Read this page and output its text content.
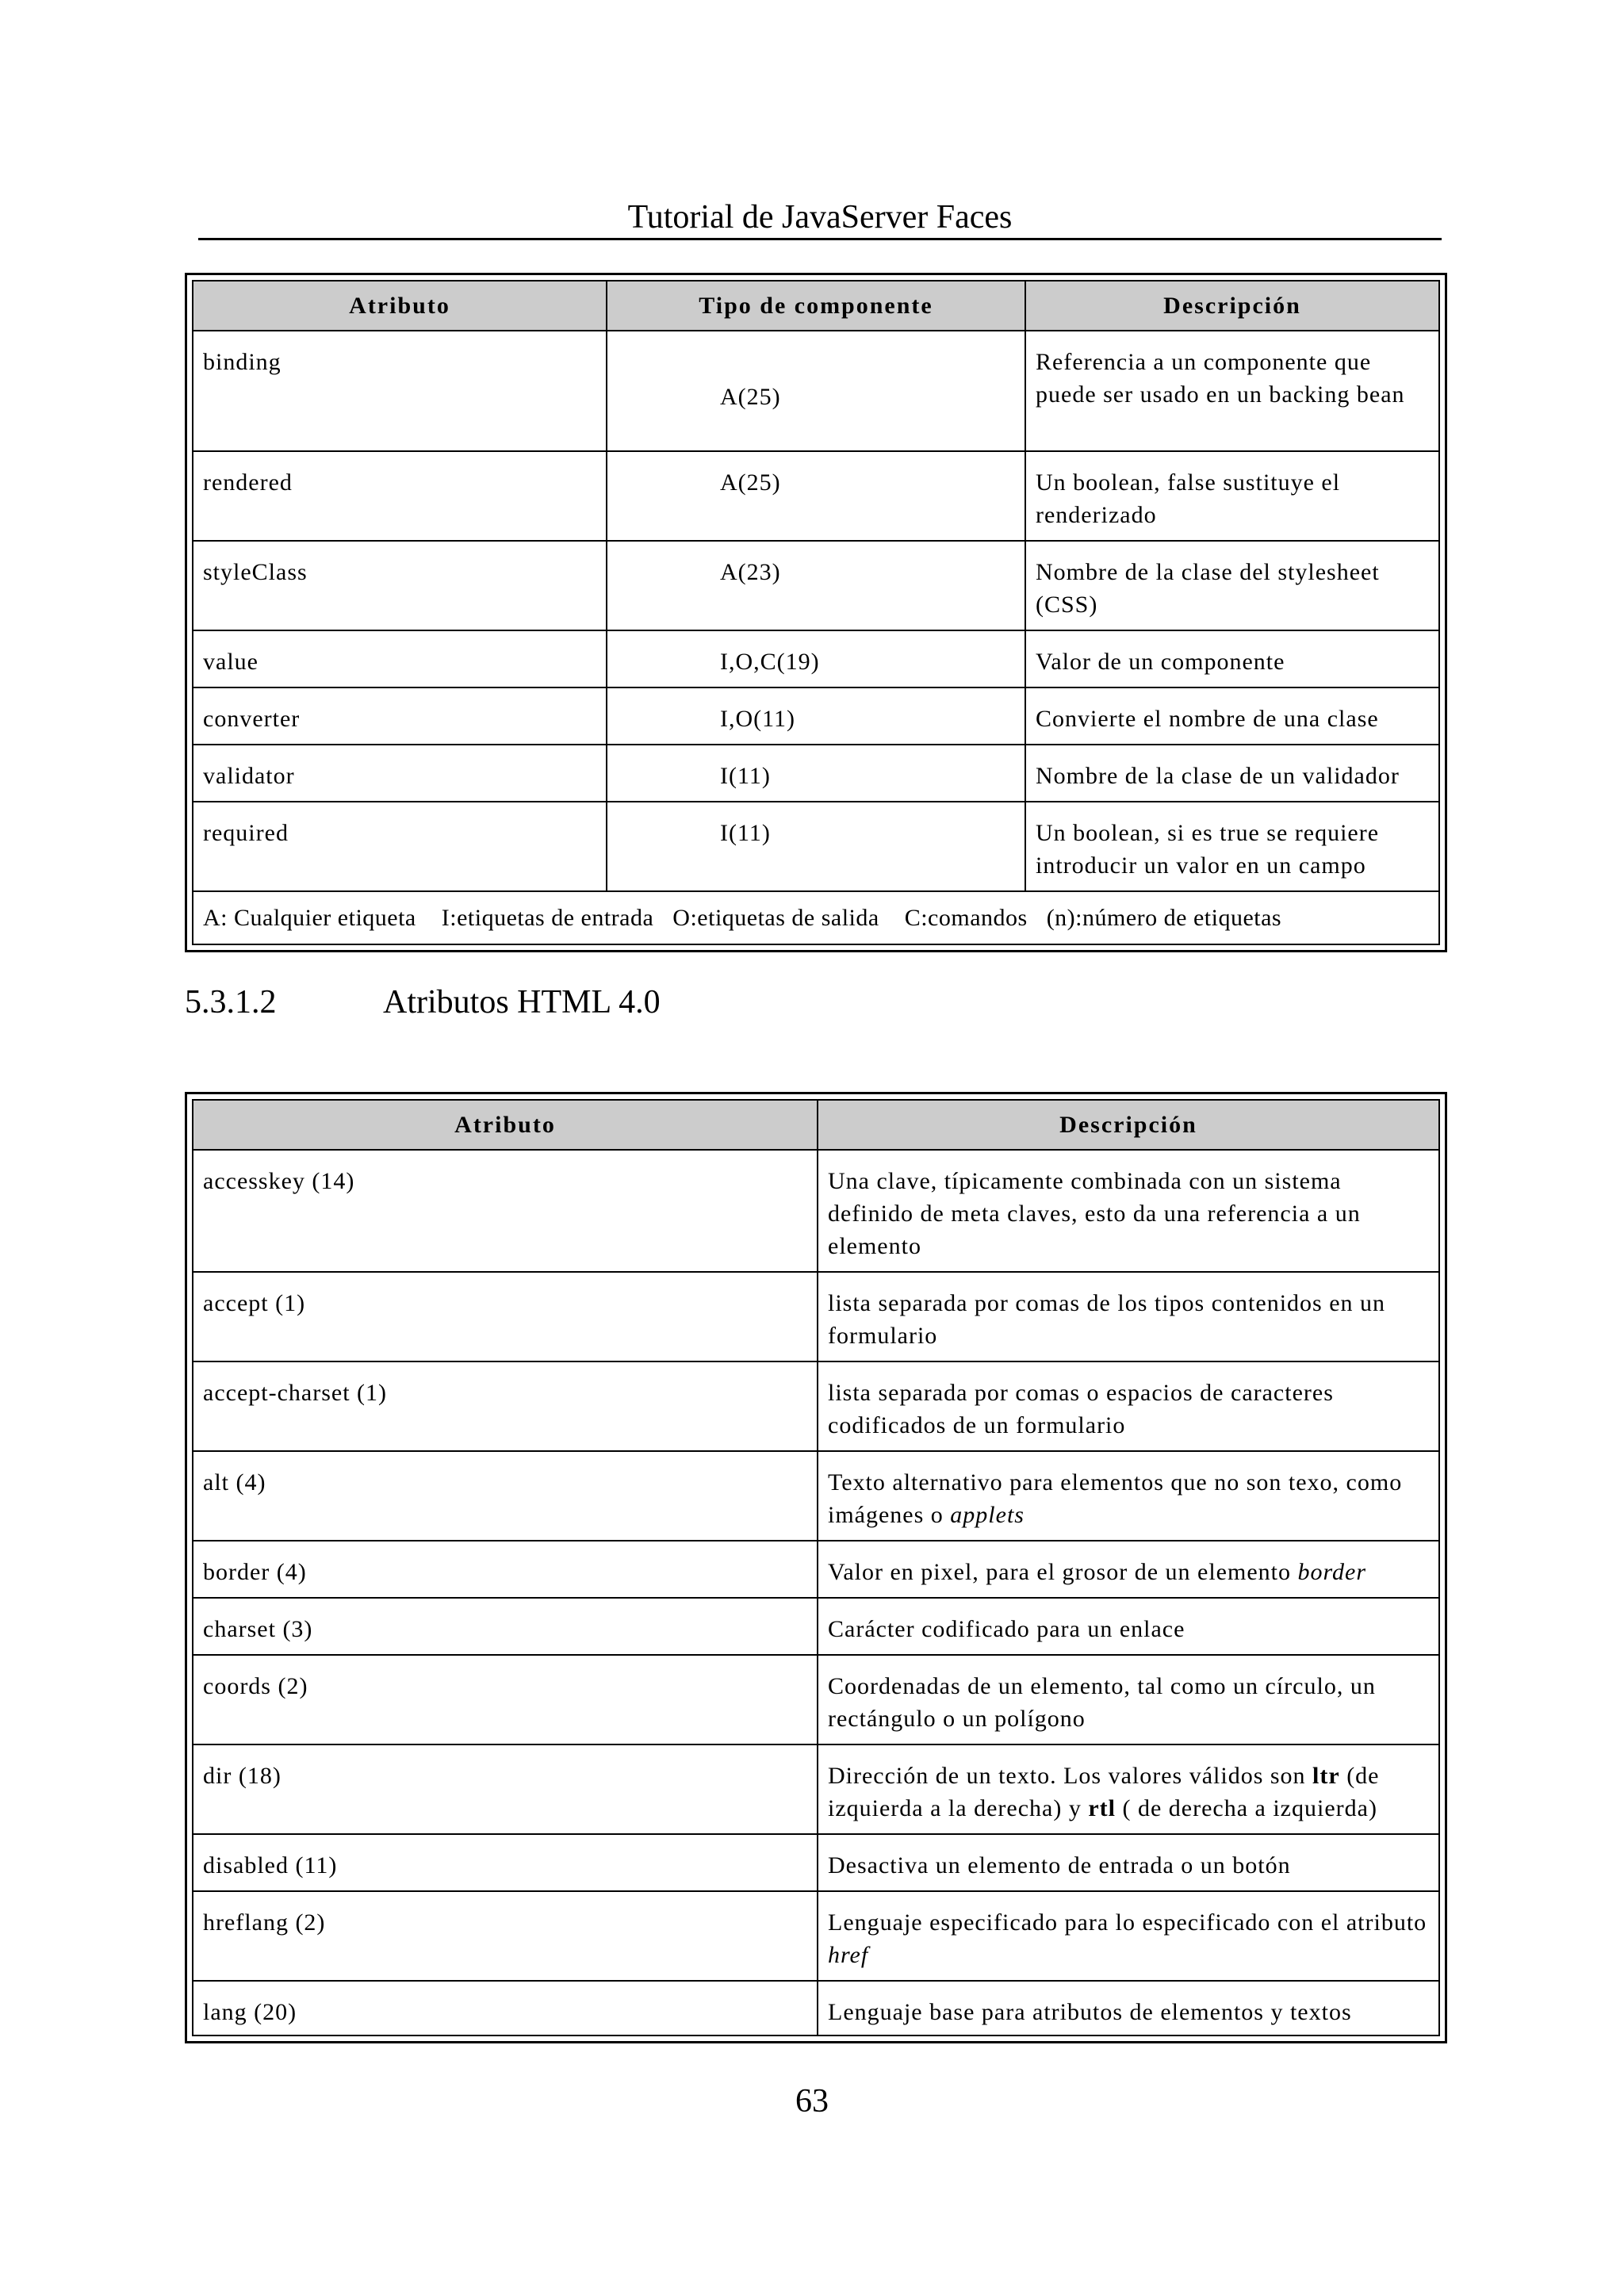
Tutorial de JavaServer Faces
Atributo	Tipo de componente	Descripción
binding	A(25)	Referencia a un componente que puede ser usado en un backing bean
rendered	A(25)	Un boolean, false sustituye el renderizado
styleClass	A(23)	Nombre de la clase del stylesheet (CSS)
value	I,O,C(19)	Valor de un componente
converter	I,O(11)	Convierte el nombre de una clase
validator	I(11)	Nombre de la clase de un validador
required	I(11)	Un boolean, si es true se requiere introducir un valor en un campo
A: Cualquier etiqueta    I:etiquetas de entrada   O:etiquetas de salida    C:comandos   (n):número de etiquetas
5.3.1.2	Atributos HTML 4.0
Atributo	Descripción
accesskey (14)	Una clave, típicamente combinada con un sistema definido de meta claves, esto da una referencia a un elemento
accept (1)	lista separada por comas de los tipos contenidos en un formulario
accept-charset (1)	lista separada por comas o espacios de caracteres codificados de un formulario
alt (4)	Texto alternativo para elementos que no son texo, como imágenes o applets
border (4)	Valor en pixel, para el grosor de un elemento border
charset (3)	Carácter codificado para un enlace
coords (2)	Coordenadas de un elemento, tal como un círculo, un rectángulo o un polígono
dir (18)	Dirección de un texto. Los valores válidos son ltr (de izquierda a la derecha) y rtl ( de derecha a izquierda)
disabled (11)	Desactiva un elemento de entrada o un botón
hreflang (2)	Lenguaje especificado para lo especificado con el atributo href
lang (20)	Lenguaje base para atributos de elementos y textos
63
